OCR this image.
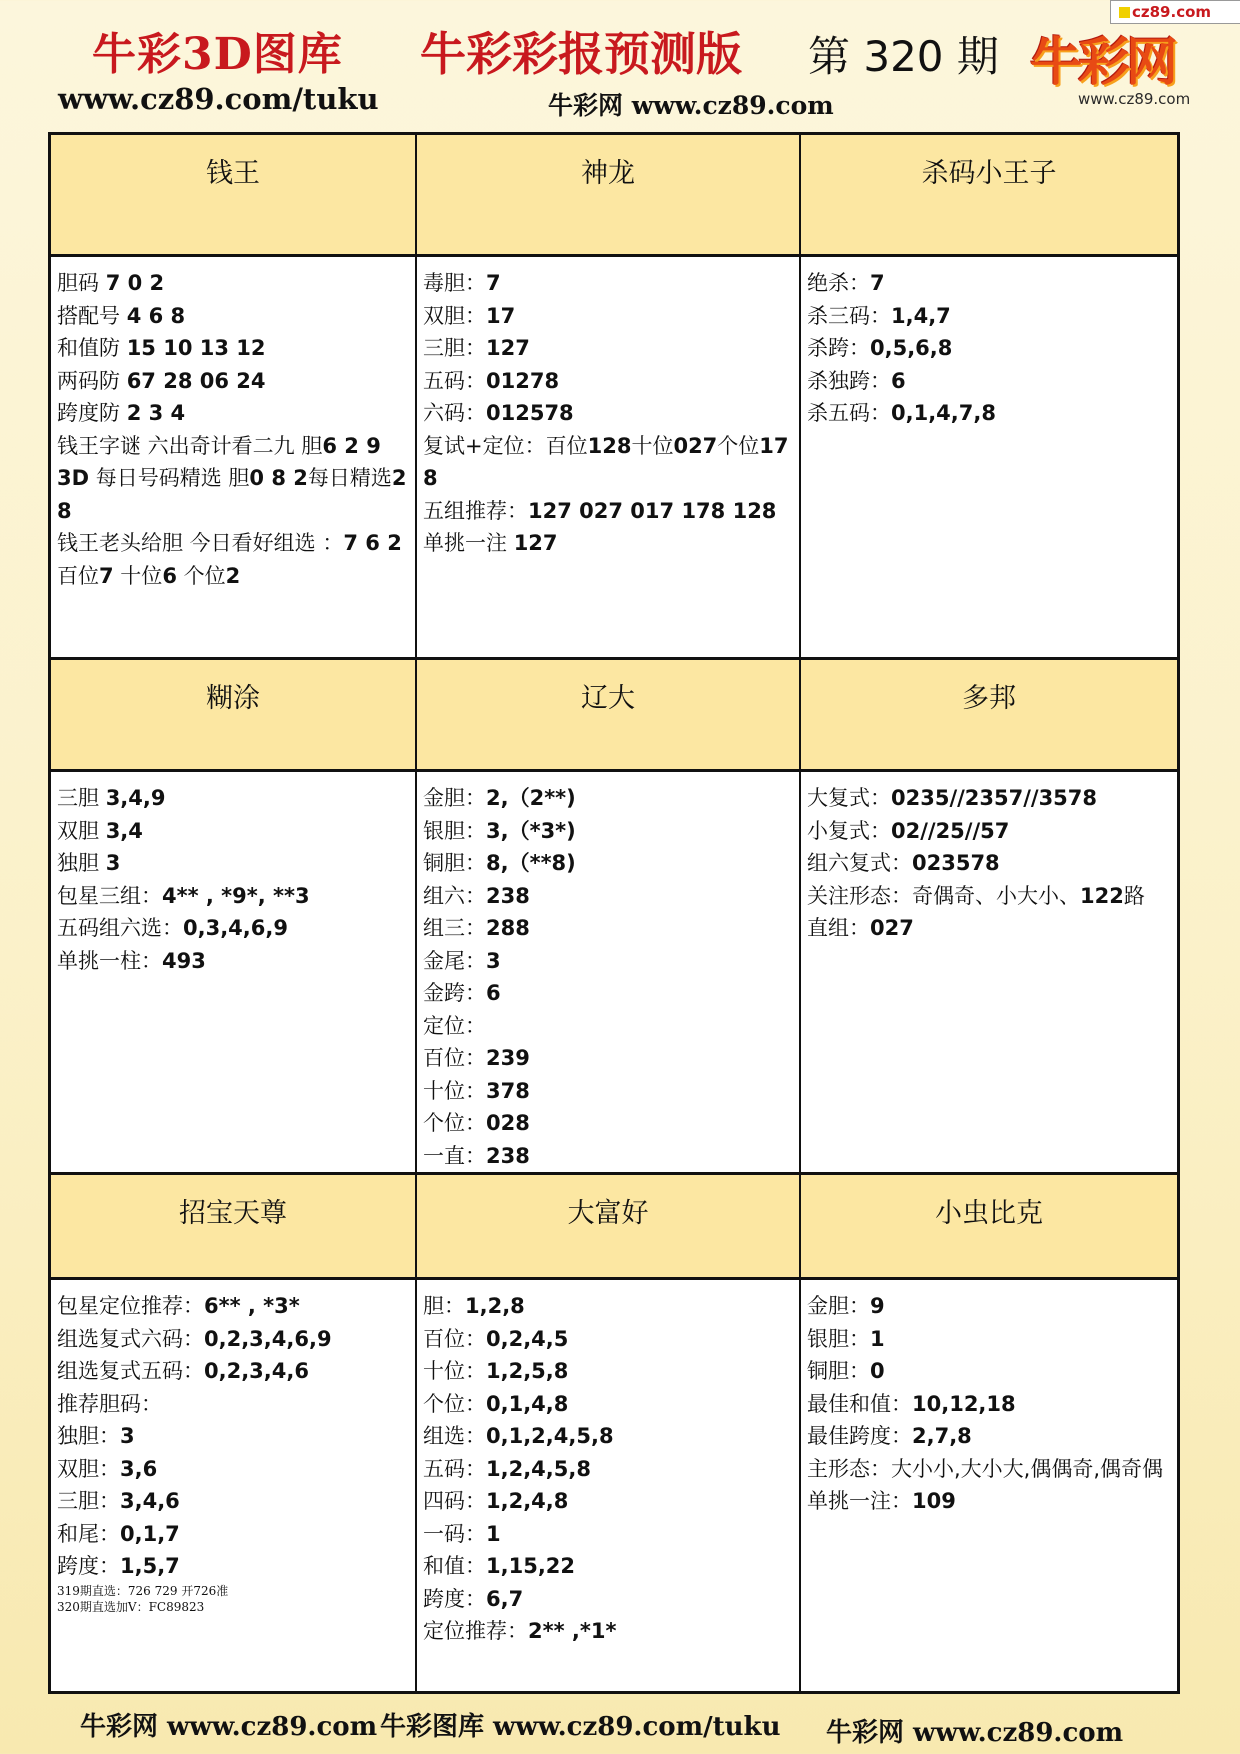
cz89.com
牛彩3D图库 牛彩彩报预测版 第 320 期
www.cz89.com/tuku	牛彩网 www.cz89.com
牛彩网
www.cz89.com
钱王	神龙	杀码小王子
胆码 7 0 2
搭配号 4 6 8
和值防 15 10 13 12
两码防 67 28 06 24
跨度防 2 3 4
钱王字谜 六出奇计看二九 胆6 2 9
3D 每日号码精选 胆0 8 2每日精选2 8
钱王老头给胆 今日看好组选 ：7 6 2百位7 十位6 个位2
毒胆：7
双胆：17
三胆：127
五码：01278
六码：012578
复试+定位：百位128十位027个位178
五组推荐：127 027 017 178 128
单挑一注 127
绝杀：7
杀三码：1,4,7
杀跨：0,5,6,8
杀独跨：6
杀五码：0,1,4,7,8
糊涂	辽大	多邦
三胆 3,4,9
双胆 3,4
独胆 3
包星三组：4** , *9*, **3
五码组六选：0,3,4,6,9
单挑一柱：493
金胆：2,（2**)
银胆：3,（*3*)
铜胆：8,（**8)
组六：238
组三：288
金尾：3
金跨：6
定位：
百位：239
十位：378
个位：028
一直：238
大复式：0235//2357//3578
小复式：02//25//57
组六复式：023578
关注形态：奇偶奇、小大小、122路
直组：027
招宝天尊	大富好	小虫比克
包星定位推荐：6** , *3*
组选复式六码：0,2,3,4,6,9
组选复式五码：0,2,3,4,6
推荐胆码：
独胆：3
双胆：3,6
三胆：3,4,6
和尾：0,1,7
跨度：1,5,7
319期直选：726 729 开726准
320期直选加V：FC89823
胆：1,2,8
百位：0,2,4,5
十位：1,2,5,8
个位：0,1,4,8
组选：0,1,2,4,5,8
五码：1,2,4,5,8
四码：1,2,4,8
一码：1
和值：1,15,22
跨度：6,7
定位推荐：2** ,*1*
金胆：9
银胆：1
铜胆：0
最佳和值：10,12,18
最佳跨度：2,7,8
主形态：大小小,大小大,偶偶奇,偶奇偶
单挑一注：109
牛彩网 www.cz89.com 牛彩图库 www.cz89.com/tuku 牛彩网 www.cz89.com
